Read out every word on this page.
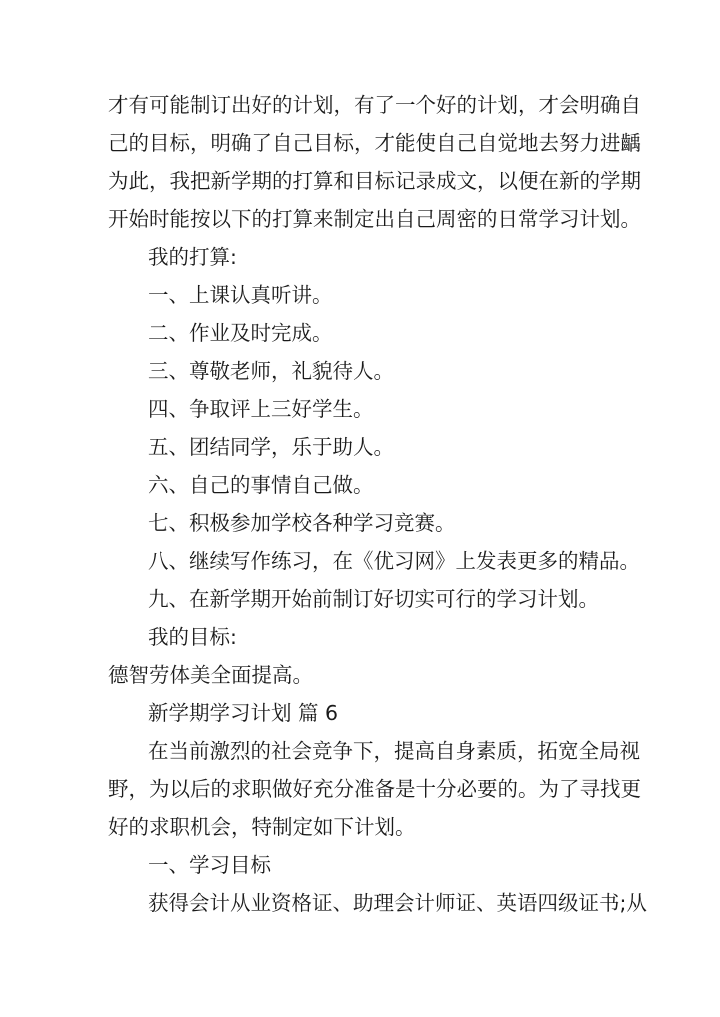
才有可能制订出好的计划，有了一个好的计划，才会明确自
己的目标，明确了自己目标，才能使自己自觉地去努力进齲
为此，我把新学期的打算和目标记录成文，以便在新的学期
开始时能按以下的打算来制定出自己周密的日常学习计划。
我的打算:
一、上课认真听讲。
二、作业及时完成。
三、尊敬老师，礼貌待人。
四、争取评上三好学生。
五、团结同学，乐于助人。
六、自己的事情自己做。
七、积极参加学校各种学习竞赛。
八、继续写作练习，在《优习网》上发表更多的精品。
九、在新学期开始前制订好切实可行的学习计划。
我的目标:
德智劳体美全面提高。
新学期学习计划 篇 6
在当前激烈的社会竞争下，提高自身素质，拓宽全局视
野，为以后的求职做好充分准备是十分必要的。为了寻找更
好的求职机会，特制定如下计划。
一、学习目标
获得会计从业资格证、助理会计师证、英语四级证书;从
